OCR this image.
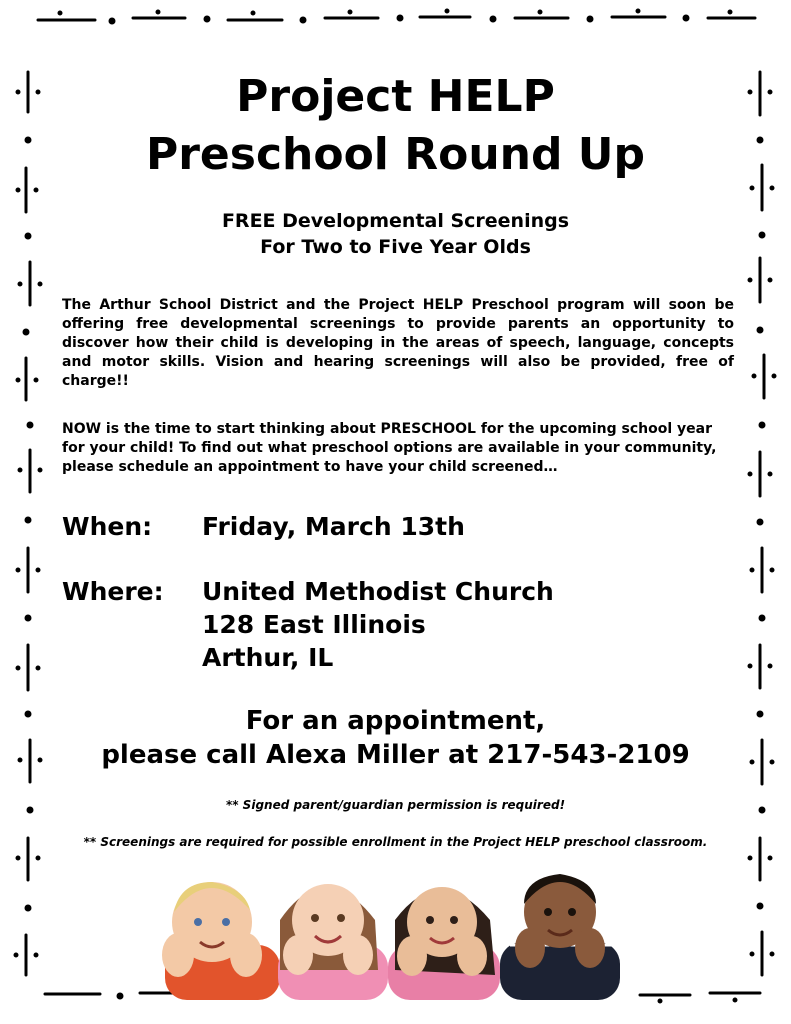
Project HELP
Preschool Round Up
FREE Developmental Screenings
For Two to Five Year Olds
The Arthur School District and the Project HELP Preschool program will soon be offering free developmental screenings to provide parents an opportunity to discover how their child is developing in the areas of speech, language, concepts and motor skills. Vision and hearing screenings will also be provided, free of charge!!
NOW is the time to start thinking about PRESCHOOL for the upcoming school year for your child! To find out what preschool options are available in your community, please schedule an appointment to have your child screened…
When: Friday, March 13th
Where: United Methodist Church
128 East Illinois
Arthur, IL
For an appointment,
please call Alexa Miller at 217-543-2109
** Signed parent/guardian permission is required!
** Screenings are required for possible enrollment in the Project HELP preschool classroom.
